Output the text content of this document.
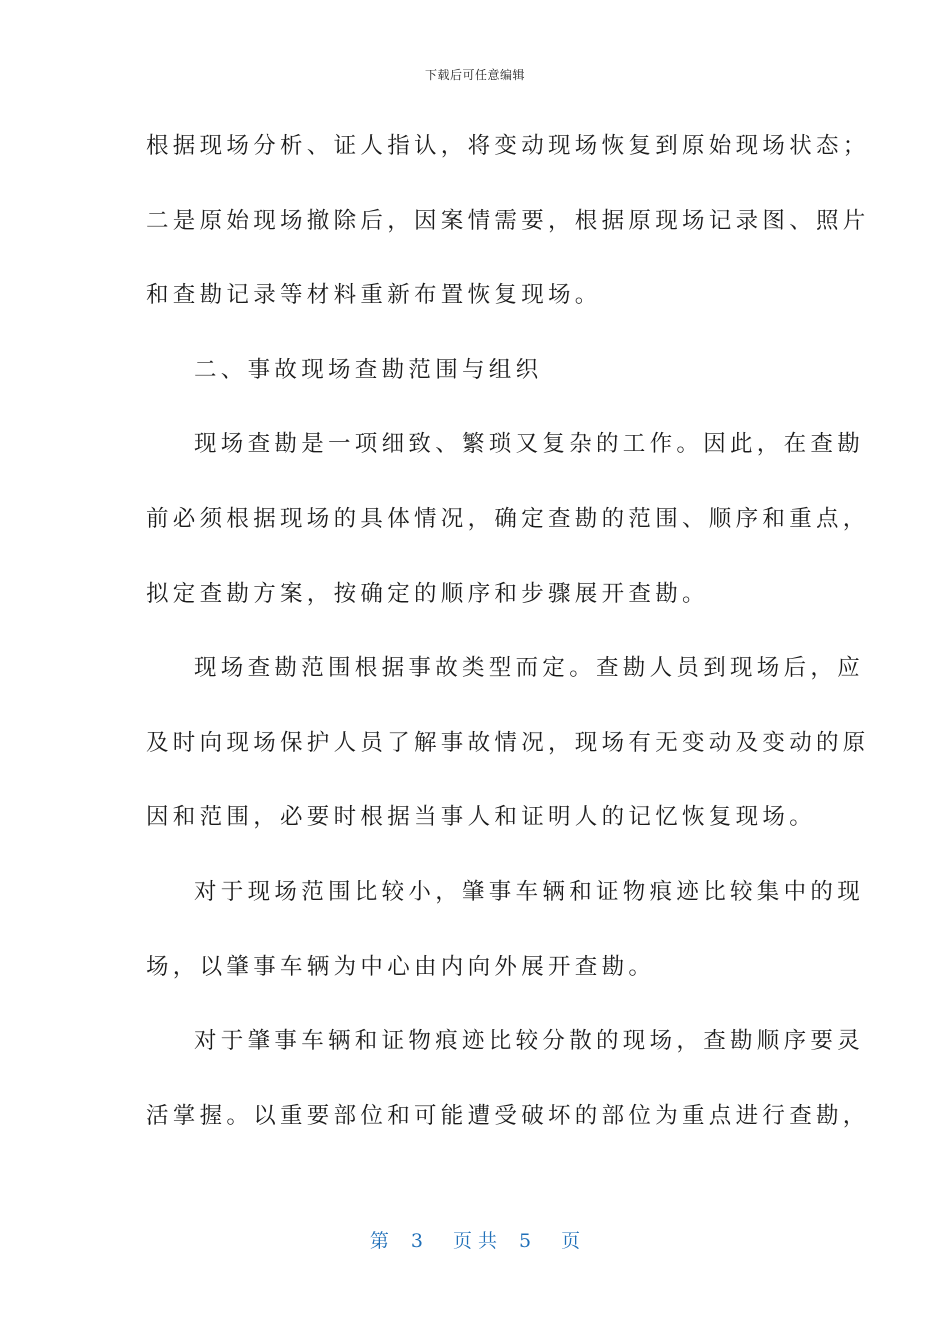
下载后可任意编辑
根据现场分析、证人指认，将变动现场恢复到原始现场状态；
二是原始现场撤除后，因案情需要，根据原现场记录图、照片
和查勘记录等材料重新布置恢复现场。
二、事故现场查勘范围与组织
现场查勘是一项细致、繁琐又复杂的工作。因此，在查勘
前必须根据现场的具体情况，确定查勘的范围、顺序和重点，
拟定查勘方案，按确定的顺序和步骤展开查勘。
现场查勘范围根据事故类型而定。查勘人员到现场后，应
及时向现场保护人员了解事故情况，现场有无变动及变动的原
因和范围，必要时根据当事人和证明人的记忆恢复现场。
对于现场范围比较小，肇事车辆和证物痕迹比较集中的现
场，以肇事车辆为中心由内向外展开查勘。
对于肇事车辆和证物痕迹比较分散的现场，查勘顺序要灵
活掌握。以重要部位和可能遭受破坏的部位为重点进行查勘，
第 3 页 共 5 页
